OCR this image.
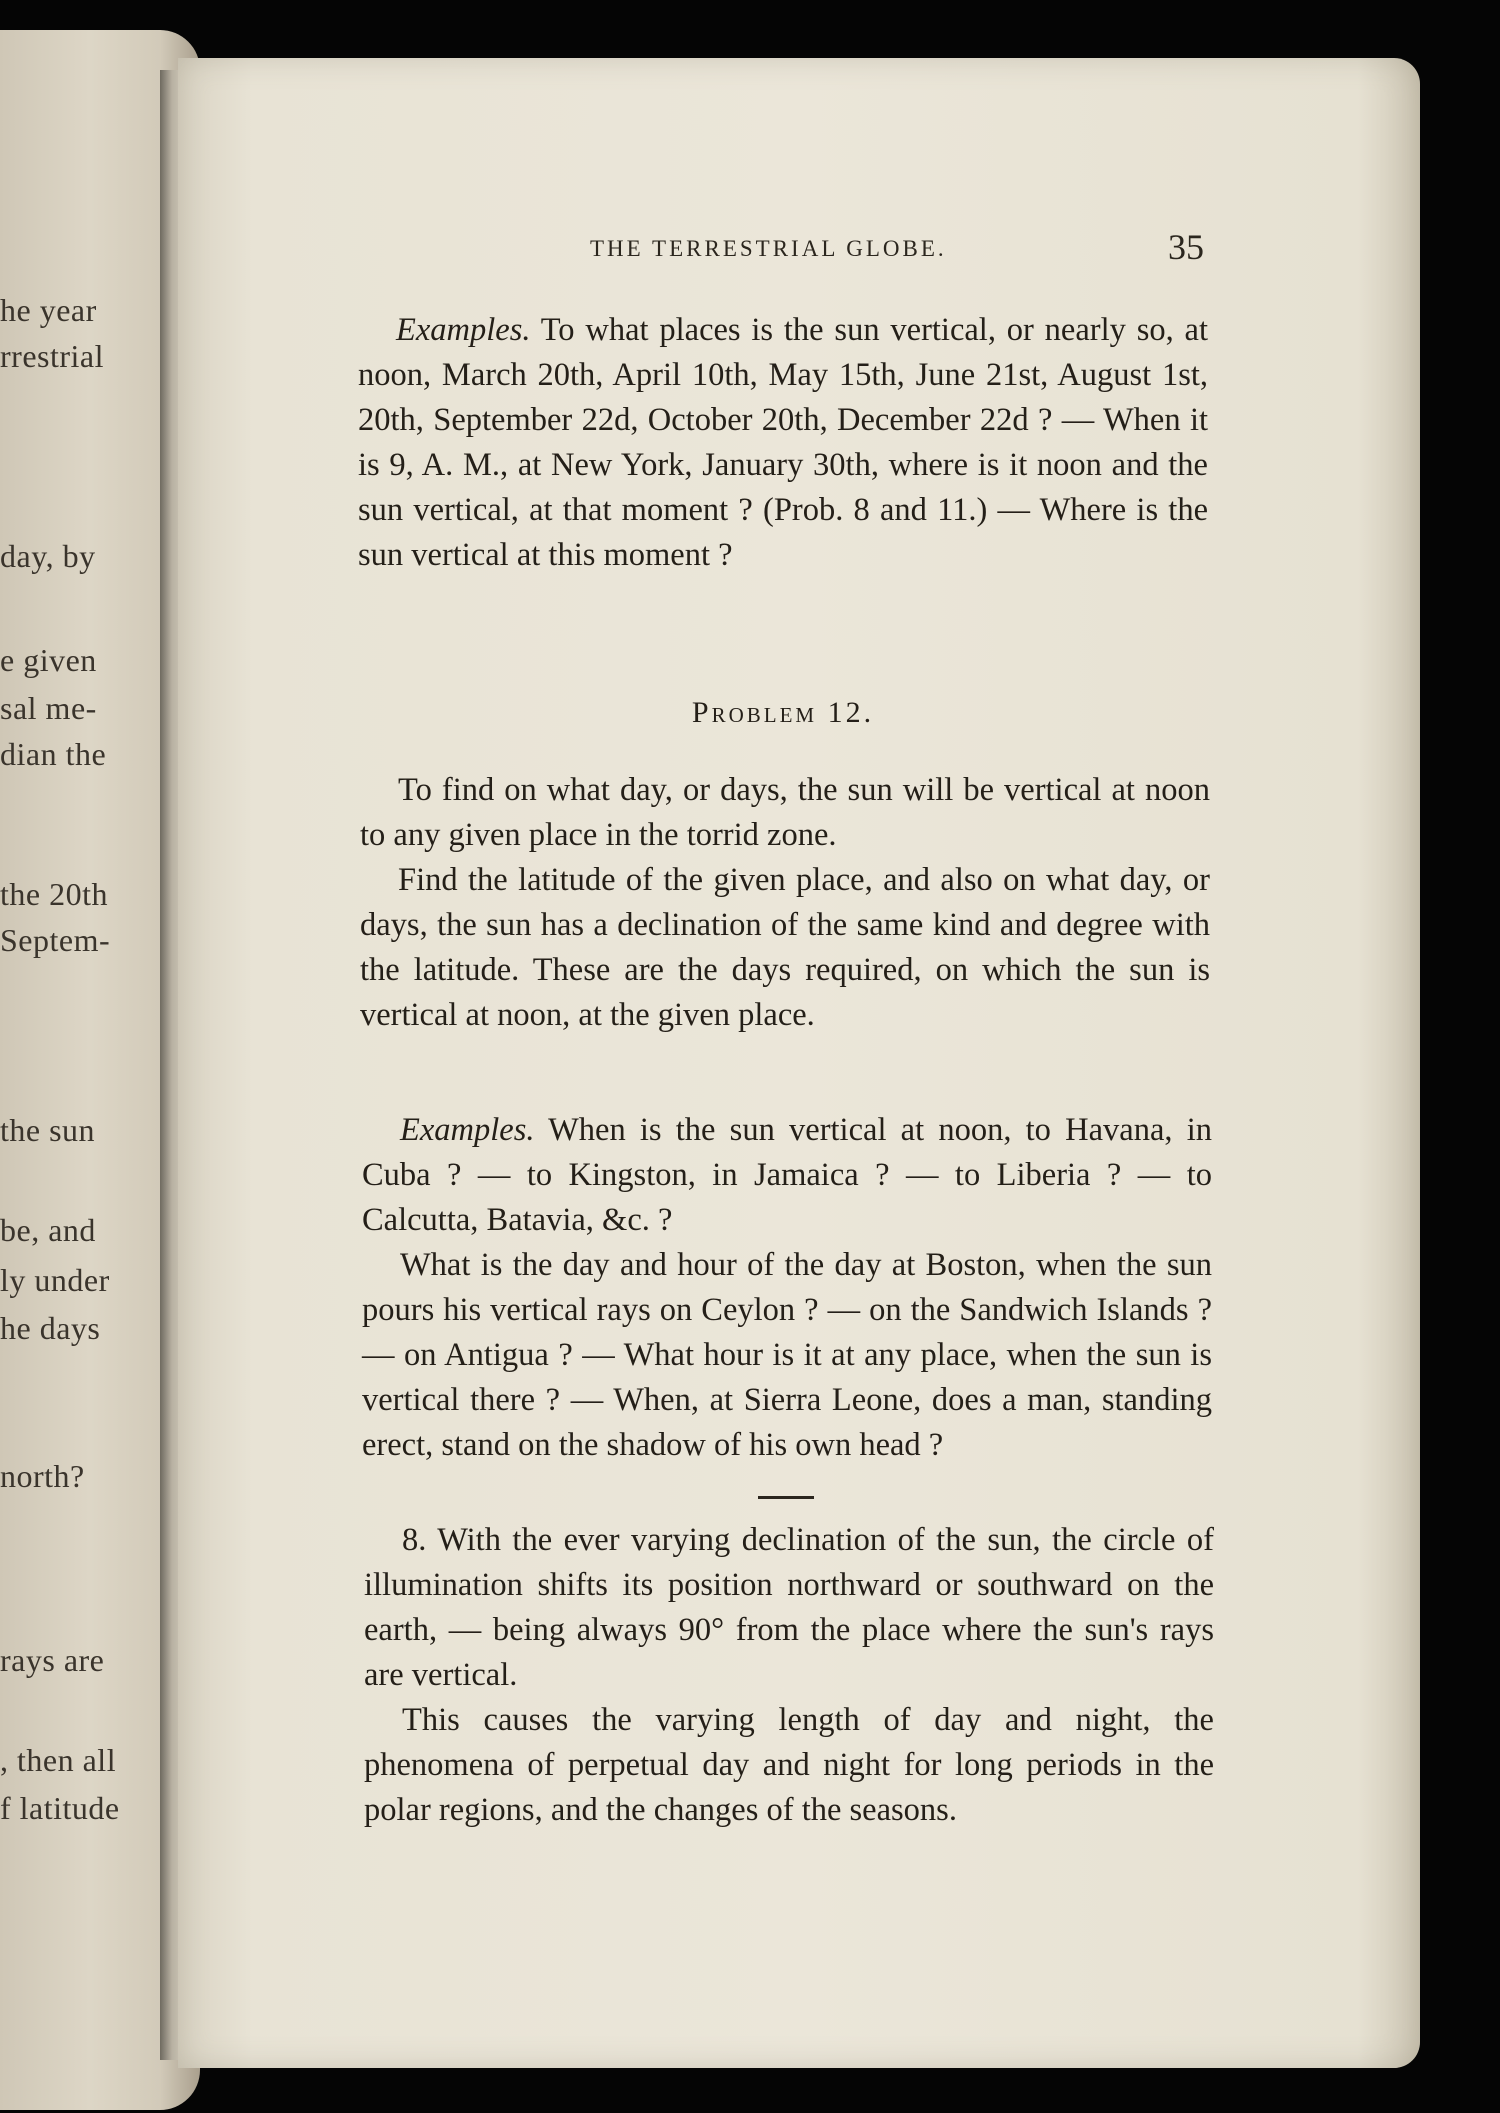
he year
rrestrial
day, by
e given
sal me-
dian the
the 20th
Septem-
the sun
be, and
ly under
he days
north?
rays are
, then all
f latitude
THE TERRESTRIAL GLOBE.	35

Examples. To what places is the sun vertical, or nearly so, at noon, March 20th, April 10th, May 15th, June 21st, August 1st, 20th, September 22d, October 20th, December 22d ? — When it is 9, A. M., at New York, January 30th, where is it noon and the sun vertical, at that moment ? (Prob. 8 and 11.) — Where is the sun vertical at this moment ?

Problem 12.

To find on what day, or days, the sun will be vertical at noon to any given place in the torrid zone.

Find the latitude of the given place, and also on what day, or days, the sun has a declination of the same kind and degree with the latitude. These are the days required, on which the sun is vertical at noon, at the given place.

Examples. When is the sun vertical at noon, to Havana, in Cuba ? — to Kingston, in Jamaica ? — to Liberia ? — to Calcutta, Batavia, &c. ?

What is the day and hour of the day at Boston, when the sun pours his vertical rays on Ceylon ? — on the Sandwich Islands ? — on Antigua ? — What hour is it at any place, when the sun is vertical there ? — When, at Sierra Leone, does a man, standing erect, stand on the shadow of his own head ?

8. With the ever varying declination of the sun, the circle of illumination shifts its position northward or southward on the earth, — being always 90° from the place where the sun's rays are vertical.

This causes the varying length of day and night, the phenomena of perpetual day and night for long periods in the polar regions, and the changes of the seasons.
